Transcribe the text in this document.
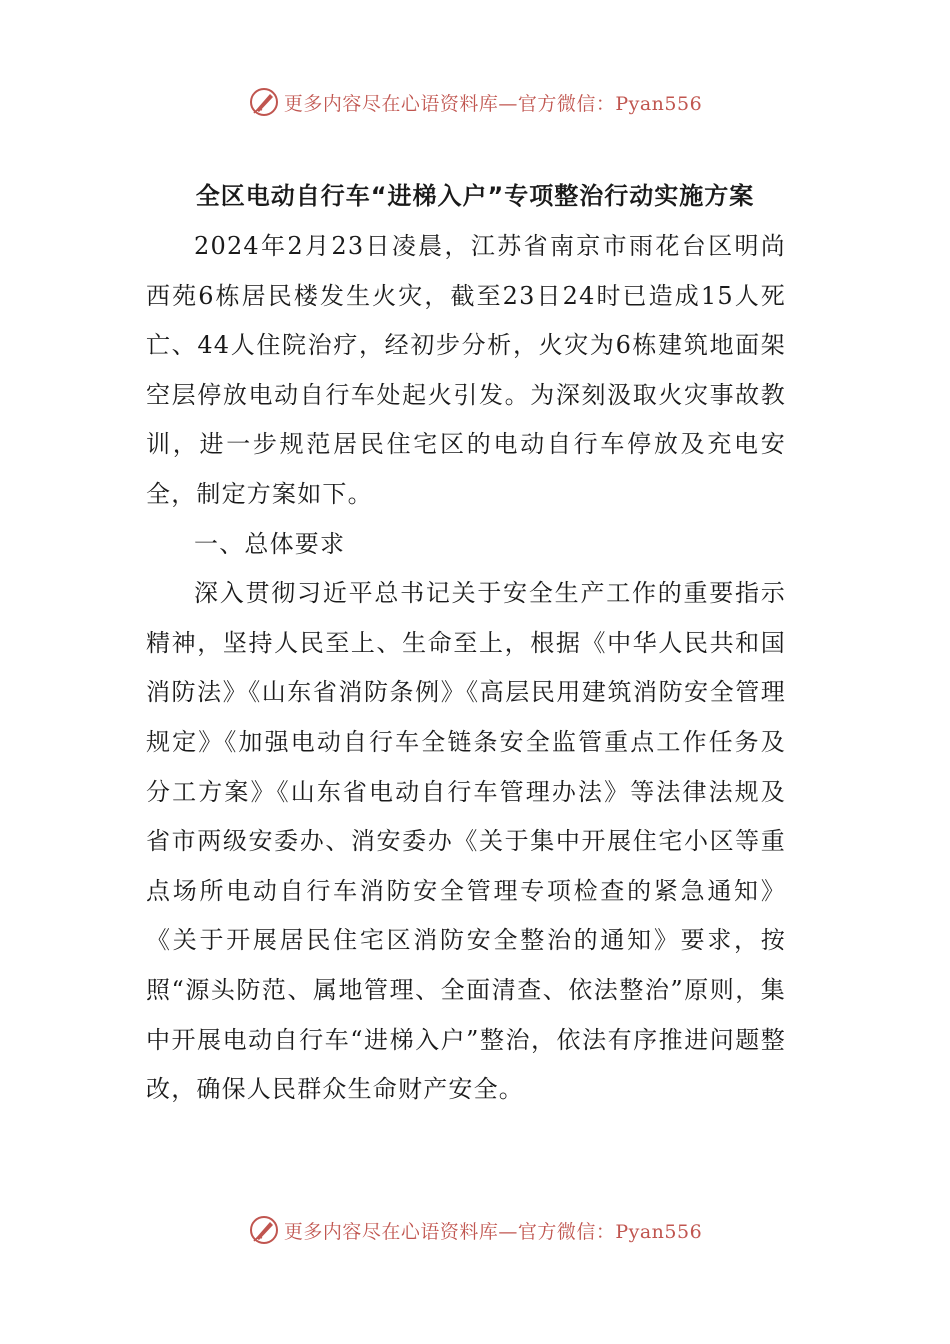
更多内容尽在心语资料库—官方微信：Pyan556
全区电动自行车“进梯入户”专项整治行动实施方案

2024年2月23日凌晨，江苏省南京市雨花台区明尚西苑6栋居民楼发生火灾，截至23日24时已造成15人死亡、44人住院治疗，经初步分析，火灾为6栋建筑地面架空层停放电动自行车处起火引发。为深刻汲取火灾事故教训，进一步规范居民住宅区的电动自行车停放及充电安全，制定方案如下。

一、总体要求

深入贯彻习近平总书记关于安全生产工作的重要指示精神，坚持人民至上、生命至上，根据《中华人民共和国消防法》《山东省消防条例》《高层民用建筑消防安全管理规定》《加强电动自行车全链条安全监管重点工作任务及分工方案》《山东省电动自行车管理办法》等法律法规及省市两级安委办、消安委办《关于集中开展住宅小区等重点场所电动自行车消防安全管理专项检查的紧急通知》《关于开展居民住宅区消防安全整治的通知》要求，按照“源头防范、属地管理、全面清查、依法整治”原则，集中开展电动自行车“进梯入户”整治，依法有序推进问题整改，确保人民群众生命财产安全。

更多内容尽在心语资料库—官方微信：Pyan556
